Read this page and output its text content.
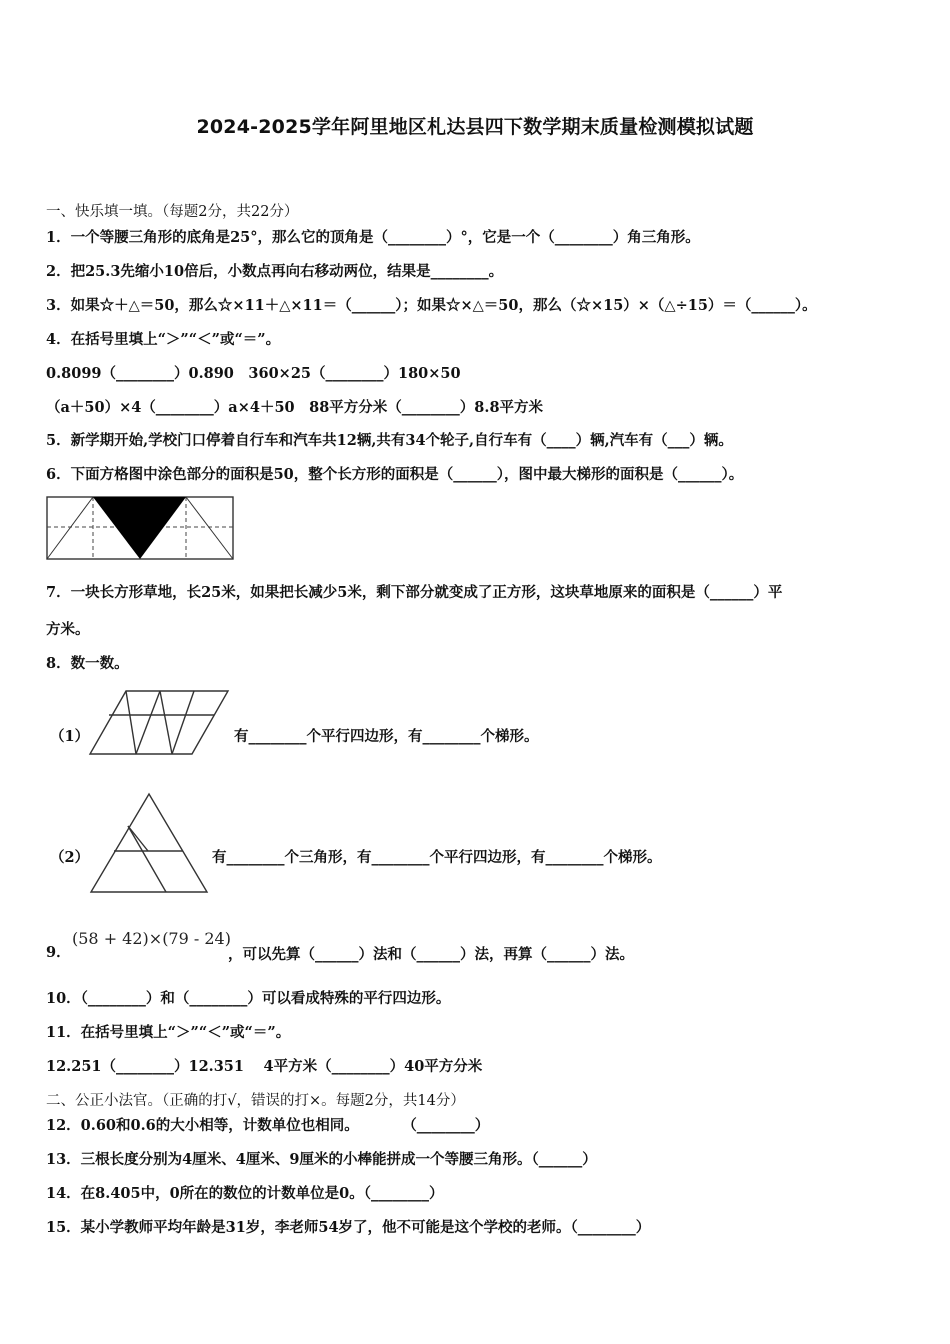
2024-2025学年阿里地区札达县四下数学期末质量检测模拟试题
一、快乐填一填。（每题2分，共22分）
1．一个等腰三角形的底角是25°，那么它的顶角是（________）°，它是一个（________）角三角形。
2．把25.3先缩小10倍后，小数点再向右移动两位，结果是________。
3．如果☆＋△＝50，那么☆×11＋△×11＝（______）；如果☆×△＝50，那么（☆×15）×（△÷15）＝（______）。
4．在括号里填上“＞”“＜”或“＝”。
0.8099（________）0.890　360×25（________）180×50
（a＋50）×4（________）a×4＋50　88平方分米（________）8.8平方米
5．新学期开始,学校门口停着自行车和汽车共12辆,共有34个轮子,自行车有（____）辆,汽车有（___）辆。
6．下面方格图中涂色部分的面积是50，整个长方形的面积是（______），图中最大梯形的面积是（______）。
7．一块长方形草地，长25米，如果把长减少5米，剩下部分就变成了正方形，这块草地原来的面积是（______）平
方米。
8．数一数。
（1）	有________个平行四边形，有________个梯形。
（2）	有________个三角形，有________个平行四边形，有________个梯形。
9．
(58 + 42)×(79 - 24)
，可以先算（______）法和（______）法，再算（______）法。
10．（________）和（________）可以看成特殊的平行四边形。
11．在括号里填上“＞”“＜”或“＝”。
12.251（________）12.351　 4平方米（________）40平方分米
二、公正小法官。（正确的打√，错误的打×。每题2分，共14分）
12．0.60和0.6的大小相等，计数单位也相同。　　　　（________）
13．三根长度分别为4厘米、4厘米、9厘米的小棒能拼成一个等腰三角形。（______）
14．在8.405中，0所在的数位的计数单位是0。（________）
15．某小学教师平均年龄是31岁，李老师54岁了，他不可能是这个学校的老师。（________）
